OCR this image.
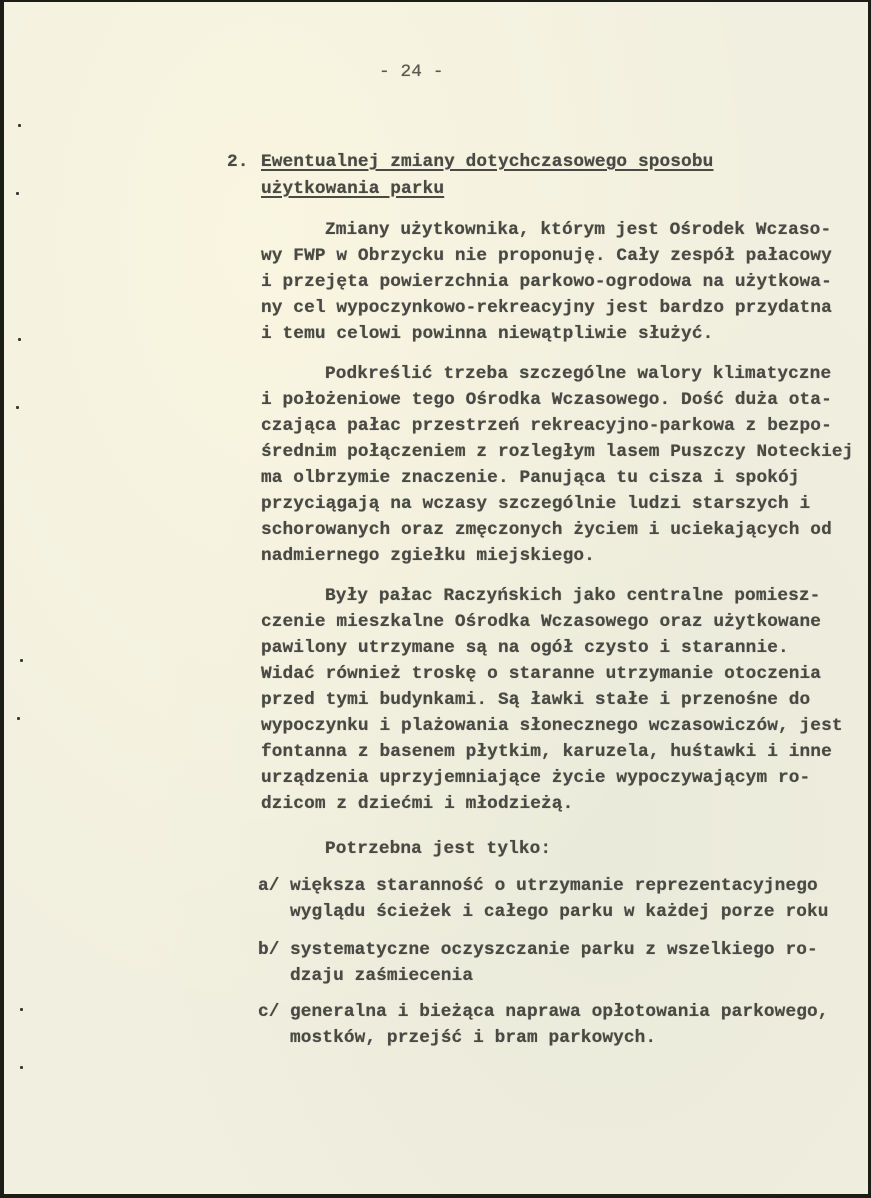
- 24 -
2. Ewentualnej zmiany dotychczasowego sposobu
użytkowania parku
Zmiany użytkownika, którym jest Ośrodek Wczaso-
wy FWP w Obrzycku nie proponuję. Cały zespół pałacowy
i przejęta powierzchnia parkowo-ogrodowa na użytkowa-
ny cel wypoczynkowo-rekreacyjny jest bardzo przydatna
i temu celowi powinna niewątpliwie służyć.
Podkreślić trzeba szczególne walory klimatyczne
i położeniowe tego Ośrodka Wczasowego. Dość duża ota-
czająca pałac przestrzeń rekreacyjno-parkowa z bezpo-
średnim połączeniem z rozległym lasem Puszczy Noteckiej
ma olbrzymie znaczenie. Panująca tu cisza i spokój
przyciągają na wczasy szczególnie ludzi starszych i
schorowanych oraz zmęczonych życiem i uciekających od
nadmiernego zgiełku miejskiego.
Były pałac Raczyńskich jako centralne pomiesz-
czenie mieszkalne Ośrodka Wczasowego oraz użytkowane
pawilony utrzymane są na ogół czysto i starannie.
Widać również troskę o staranne utrzymanie otoczenia
przed tymi budynkami. Są ławki stałe i przenośne do
wypoczynku i plażowania słonecznego wczasowiczów, jest
fontanna z basenem płytkim, karuzela, huśtawki i inne
urządzenia uprzyjemniające życie wypoczywającym ro-
dzicom z dziećmi i młodzieżą.
Potrzebna jest tylko:
a/ większa staranność o utrzymanie reprezentacyjnego
wyglądu ścieżek i całego parku w każdej porze roku
b/ systematyczne oczyszczanie parku z wszelkiego ro-
dzaju zaśmiecenia
c/ generalna i bieżąca naprawa opłotowania parkowego,
mostków, przejść i bram parkowych.
